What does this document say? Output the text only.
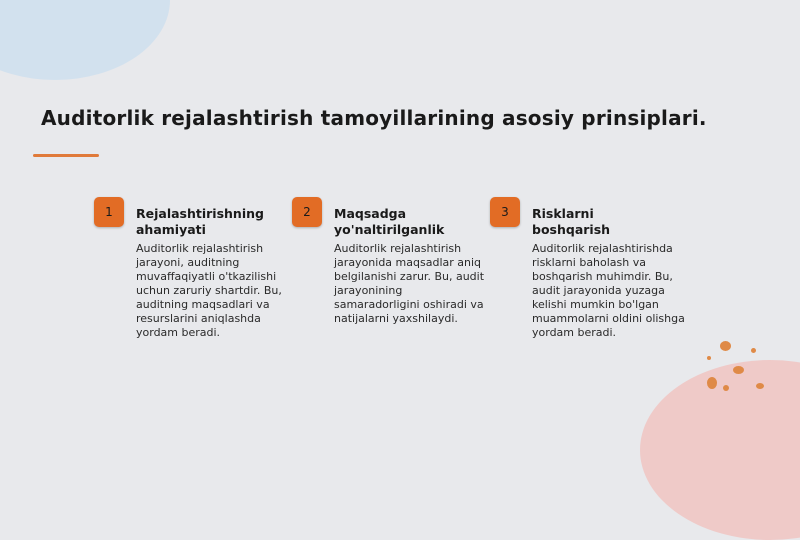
Auditorlik rejalashtirish tamoyillarining asosiy prinsiplari.
1	Rejalashtirishning ahamiyati
Auditorlik rejalashtirish jarayoni, auditning muvaffaqiyatli o'tkazilishi uchun zaruriy shartdir. Bu, auditning maqsadlari va resurslarini aniqlashda yordam beradi.
2	Maqsadga yo'naltirilganlik
Auditorlik rejalashtirish jarayonida maqsadlar aniq belgilanishi zarur. Bu, audit jarayonining samaradorligini oshiradi va natijalarni yaxshilaydi.
3	Risklarni boshqarish
Auditorlik rejalashtirishda risklarni baholash va boshqarish muhimdir. Bu, audit jarayonida yuzaga kelishi mumkin bo'lgan muammolarni oldini olishga yordam beradi.
